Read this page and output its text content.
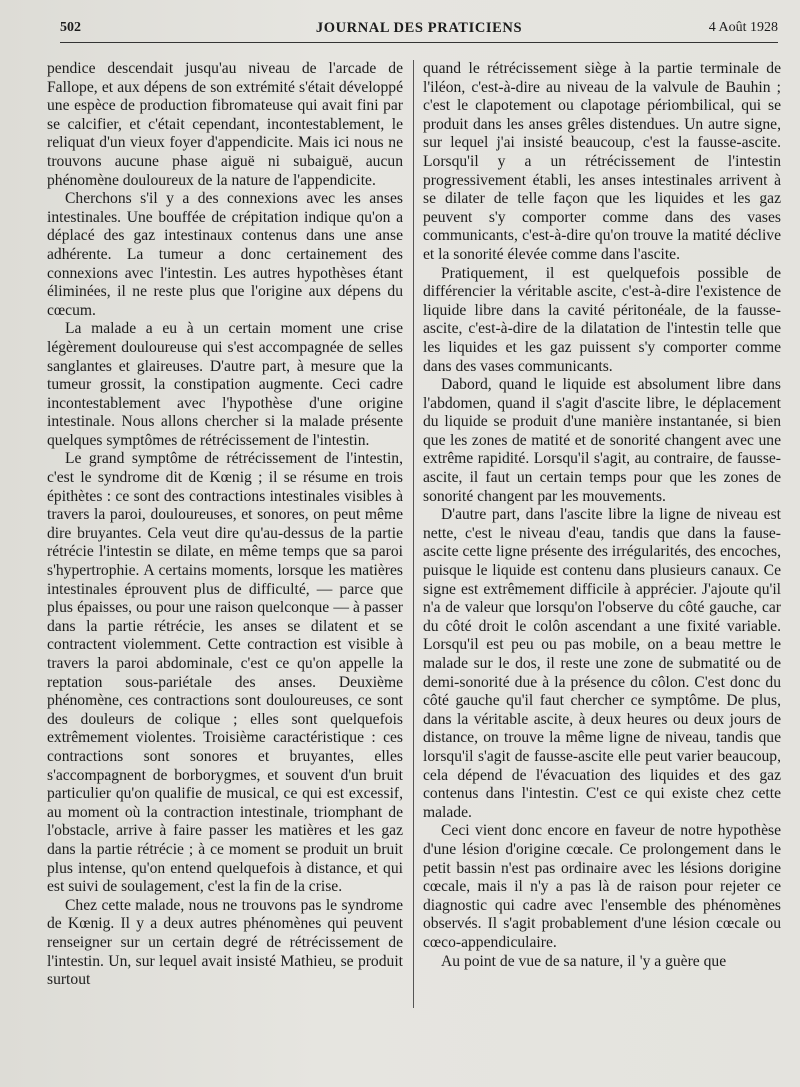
502	JOURNAL DES PRATICIENS	4 Août 1928

pendice descendait jusqu'au niveau de l'arcade de Fallope, et aux dépens de son extrémité s'était développé une espèce de production fibromateuse qui avait fini par se calcifier, et c'était cependant, incontestablement, le reliquat d'un vieux foyer d'appendicite. Mais ici nous ne trouvons aucune phase aiguë ni subaiguë, aucun phénomène douloureux de la nature de l'appendicite.

Cherchons s'il y a des connexions avec les anses intestinales. Une bouffée de crépitation indique qu'on a déplacé des gaz intestinaux contenus dans une anse adhérente. La tumeur a donc certainement des connexions avec l'intestin. Les autres hypothèses étant éliminées, il ne reste plus que l'origine aux dépens du cœcum.

La malade a eu à un certain moment une crise légèrement douloureuse qui s'est accompagnée de selles sanglantes et glaireuses. D'autre part, à mesure que la tumeur grossit, la constipation augmente. Ceci cadre incontestablement avec l'hypothèse d'une origine intestinale. Nous allons chercher si la malade présente quelques symptômes de rétrécissement de l'intestin.

Le grand symptôme de rétrécissement de l'intestin, c'est le syndrome dit de Kœnig ; il se résume en trois épithètes : ce sont des contractions intestinales visibles à travers la paroi, douloureuses, et sonores, on peut même dire bruyantes. Cela veut dire qu'au-dessus de la partie rétrécie l'intestin se dilate, en même temps que sa paroi s'hypertrophie. A certains moments, lorsque les matières intestinales éprouvent plus de difficulté, — parce que plus épaisses, ou pour une raison quelconque — à passer dans la partie rétrécie, les anses se dilatent et se contractent violemment. Cette contraction est visible à travers la paroi abdominale, c'est ce qu'on appelle la reptation sous-pariétale des anses. Deuxième phénomène, ces contractions sont douloureuses, ce sont des douleurs de colique ; elles sont quelquefois extrêmement violentes. Troisième caractéristique : ces contractions sont sonores et bruyantes, elles s'accompagnent de borborygmes, et souvent d'un bruit particulier qu'on qualifie de musical, ce qui est excessif, au moment où la contraction intestinale, triomphant de l'obstacle, arrive à faire passer les matières et les gaz dans la partie rétrécie ; à ce moment se produit un bruit plus intense, qu'on entend quelquefois à distance, et qui est suivi de soulagement, c'est la fin de la crise.

Chez cette malade, nous ne trouvons pas le syndrome de Kœnig. Il y a deux autres phénomènes qui peuvent renseigner sur un certain degré de rétrécissement de l'intestin. Un, sur lequel avait insisté Mathieu, se produit surtout

quand le rétrécissement siège à la partie terminale de l'iléon, c'est-à-dire au niveau de la valvule de Bauhin ; c'est le clapotement ou clapotage périombilical, qui se produit dans les anses grêles distendues. Un autre signe, sur lequel j'ai insisté beaucoup, c'est la fausse-ascite. Lorsqu'il y a un rétrécissement de l'intestin progressivement établi, les anses intestinales arrivent à se dilater de telle façon que les liquides et les gaz peuvent s'y comporter comme dans des vases communicants, c'est-à-dire qu'on trouve la matité déclive et la sonorité élevée comme dans l'ascite.

Pratiquement, il est quelquefois possible de différencier la véritable ascite, c'est-à-dire l'existence de liquide libre dans la cavité péritonéale, de la fausse-ascite, c'est-à-dire de la dilatation de l'intestin telle que les liquides et les gaz puissent s'y comporter comme dans des vases communicants.

Dabord, quand le liquide est absolument libre dans l'abdomen, quand il s'agit d'ascite libre, le déplacement du liquide se produit d'une manière instantanée, si bien que les zones de matité et de sonorité changent avec une extrême rapidité. Lorsqu'il s'agit, au contraire, de fausse-ascite, il faut un certain temps pour que les zones de sonorité changent par les mouvements.

D'autre part, dans l'ascite libre la ligne de niveau est nette, c'est le niveau d'eau, tandis que dans la fause-ascite cette ligne présente des irrégularités, des encoches, puisque le liquide est contenu dans plusieurs canaux. Ce signe est extrêmement difficile à apprécier. J'ajoute qu'il n'a de valeur que lorsqu'on l'observe du côté gauche, car du côté droit le colôn ascendant a une fixité variable. Lorsqu'il est peu ou pas mobile, on a beau mettre le malade sur le dos, il reste une zone de submatité ou de demi-sonorité due à la présence du côlon. C'est donc du côté gauche qu'il faut chercher ce symptôme. De plus, dans la véritable ascite, à deux heures ou deux jours de distance, on trouve la même ligne de niveau, tandis que lorsqu'il s'agit de fausse-ascite elle peut varier beaucoup, cela dépend de l'évacuation des liquides et des gaz contenus dans l'intestin. C'est ce qui existe chez cette malade.

Ceci vient donc encore en faveur de notre hypothèse d'une lésion d'origine cœcale. Ce prolongement dans le petit bassin n'est pas ordinaire avec les lésions dorigine cœcale, mais il n'y a pas là de raison pour rejeter ce diagnostic qui cadre avec l'ensemble des phénomènes observés. Il s'agit probablement d'une lésion cœcale ou cœco-appendiculaire.

Au point de vue de sa nature, il 'y a guère que
